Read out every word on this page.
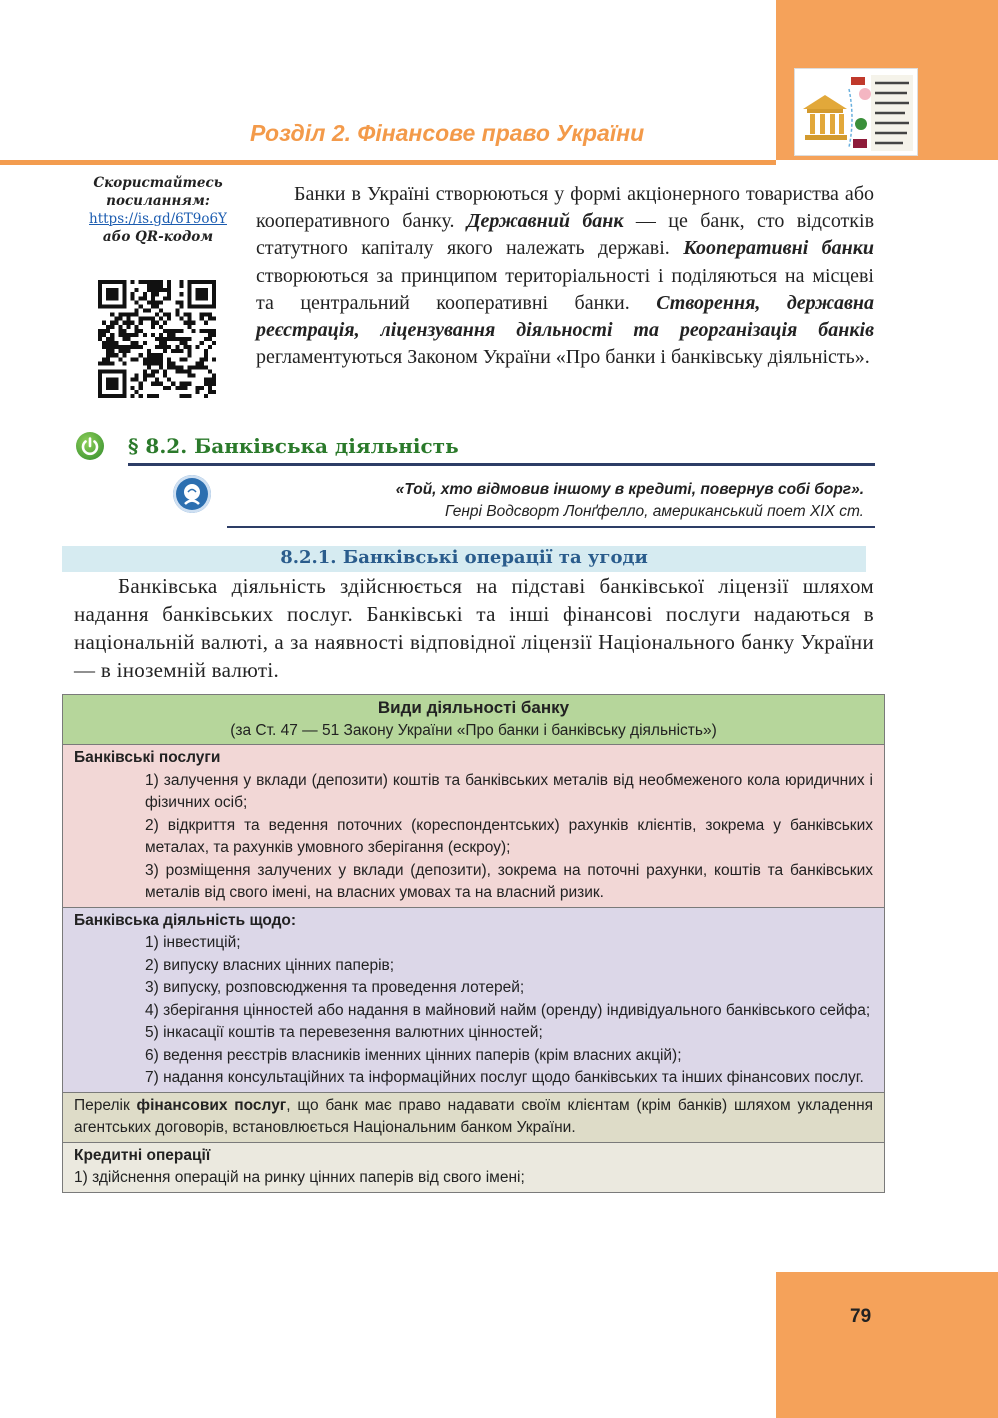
Розділ 2. Фінансове право України
Скористайтесь
посиланням:
https://is.gd/6T9o6Y
або QR-кодом
Банки в Україні створюються у формі акціонерного товариства або кооперативного банку. Державний банк — це банк, сто відсотків статутного капіталу якого належать державі. Кооперативні банки створюються за принципом територіальності і поділяються на місцеві та центральний кооперативні банки. Створення, державна реєстрація, ліцензування діяльності та реорганізація банків регламентуються Законом України «Про банки і банківську діяльність».
§ 8.2. Банківська діяльність
«Той, хто відмовив іншому в кредиті, повернув собі борг».
Генрі Водсворт Лонґфелло, американський поет XIX ст.
8.2.1. Банківські операції та угоди
Банківська діяльність здійснюється на підставі банківської ліцензії шляхом надання банківських послуг. Банківські та інші фінансові послуги надаються в національній валюті, а за наявності відповідної ліцензії Національного банку України — в іноземній валюті.
Види діяльності банку
(за Ст. 47 — 51 Закону України «Про банки і банківську діяльність»)

Банківські послуги
1) залучення у вклади (депозити) коштів та банківських металів від необмеженого кола юридичних і фізичних осіб;
2) відкриття та ведення поточних (кореспондентських) рахунків клієнтів, зокрема у банківських металах, та рахунків умовного зберігання (ескроу);
3) розміщення залучених у вклади (депозити), зокрема на поточні рахунки, коштів та банківських металів від свого імені, на власних умовах та на власний ризик.

Банківська діяльність щодо:
1) інвестицій;
2) випуску власних цінних паперів;
3) випуску, розповсюдження та проведення лотерей;
4) зберігання цінностей або надання в майновий найм (оренду) індивідуального банківського сейфа;
5) інкасації коштів та перевезення валютних цінностей;
6) ведення реєстрів власників іменних цінних паперів (крім власних акцій);
7) надання консультаційних та інформаційних послуг щодо банківських та інших фінансових послуг.

Перелік фінансових послуг, що банк має право надавати своїм клієнтам (крім банків) шляхом укладення агентських договорів, встановлюється Національним банком України.

Кредитні операції
1) здійснення операцій на ринку цінних паперів від свого імені;
79
